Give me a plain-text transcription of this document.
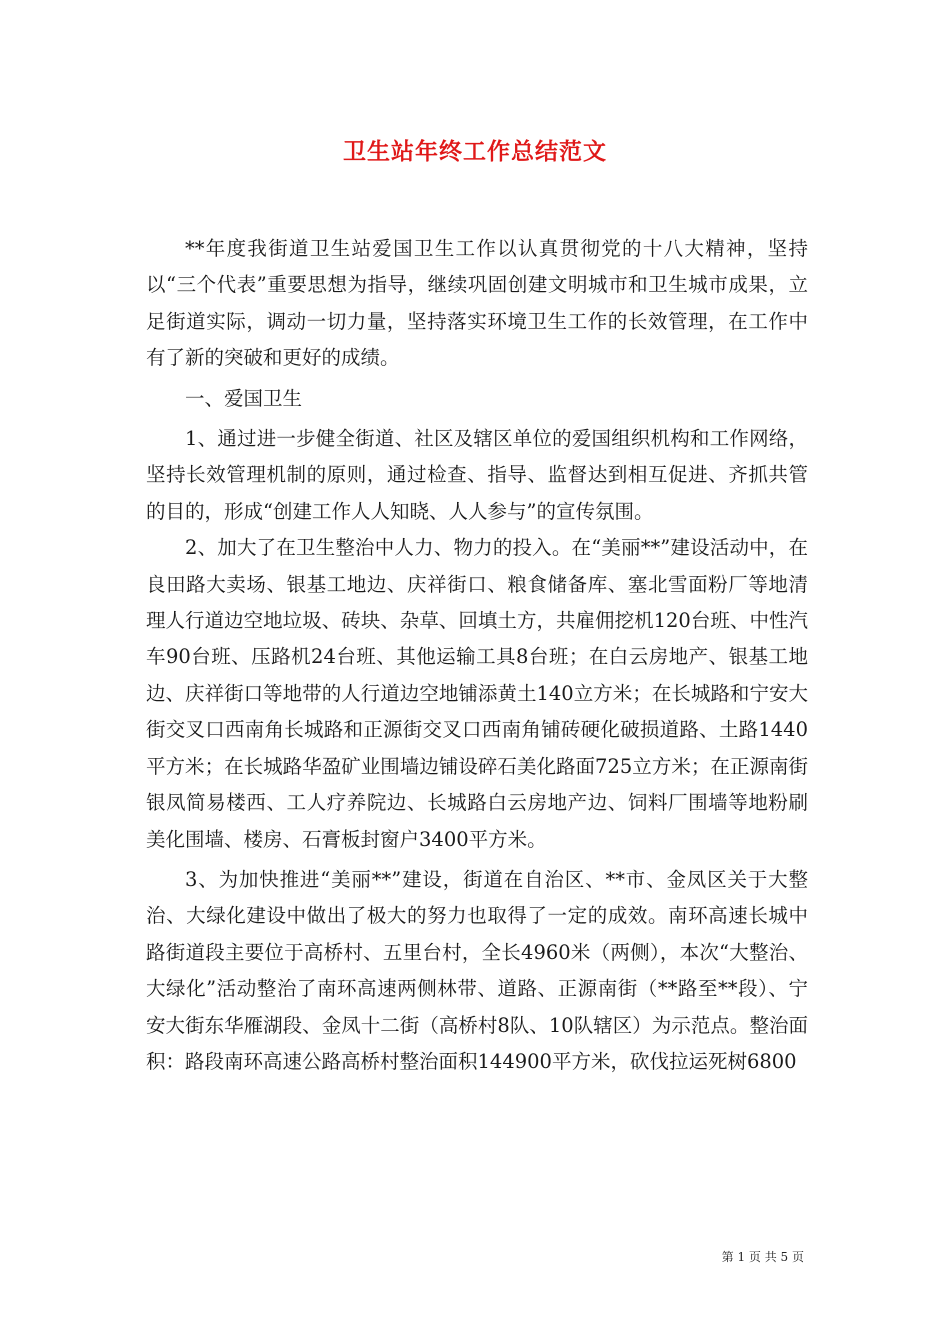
卫生站年终工作总结范文

**年度我街道卫生站爱国卫生工作以认真贯彻党的十八大精神，坚持以“三个代表”重要思想为指导，继续巩固创建文明城市和卫生城市成果，立足街道实际，调动一切力量，坚持落实环境卫生工作的长效管理，在工作中有了新的突破和更好的成绩。

一、爱国卫生

1、通过进一步健全街道、社区及辖区单位的爱国组织机构和工作网络，坚持长效管理机制的原则，通过检查、指导、监督达到相互促进、齐抓共管的目的，形成“创建工作人人知晓、人人参与”的宣传氛围。

2、加大了在卫生整治中人力、物力的投入。在“美丽**”建设活动中，在良田路大卖场、银基工地边、庆祥街口、粮食储备库、塞北雪面粉厂等地清理人行道边空地垃圾、砖块、杂草、回填土方，共雇佣挖机120台班、中性汽车90台班、压路机24台班、其他运输工具8台班；在白云房地产、银基工地边、庆祥街口等地带的人行道边空地铺添黄土140立方米；在长城路和宁安大街交叉口西南角长城路和正源街交叉口西南角铺砖硬化破损道路、土路1440平方米；在长城路华盈矿业围墙边铺设碎石美化路面725立方米；在正源南街银凤简易楼西、工人疗养院边、长城路白云房地产边、饲料厂围墙等地粉刷美化围墙、楼房、石膏板封窗户3400平方米。

3、为加快推进“美丽**”建设，街道在自治区、**市、金凤区关于大整治、大绿化建设中做出了极大的努力也取得了一定的成效。南环高速长城中路街道段主要位于高桥村、五里台村，全长4960米（两侧），本次“大整治、大绿化”活动整治了南环高速两侧林带、道路、正源南街（**路至**段）、宁安大街东华雁湖段、金凤十二街（高桥村8队、10队辖区）为示范点。整治面积：路段南环高速公路高桥村整治面积144900平方米，砍伐拉运死树6800

第 1 页 共 5 页
